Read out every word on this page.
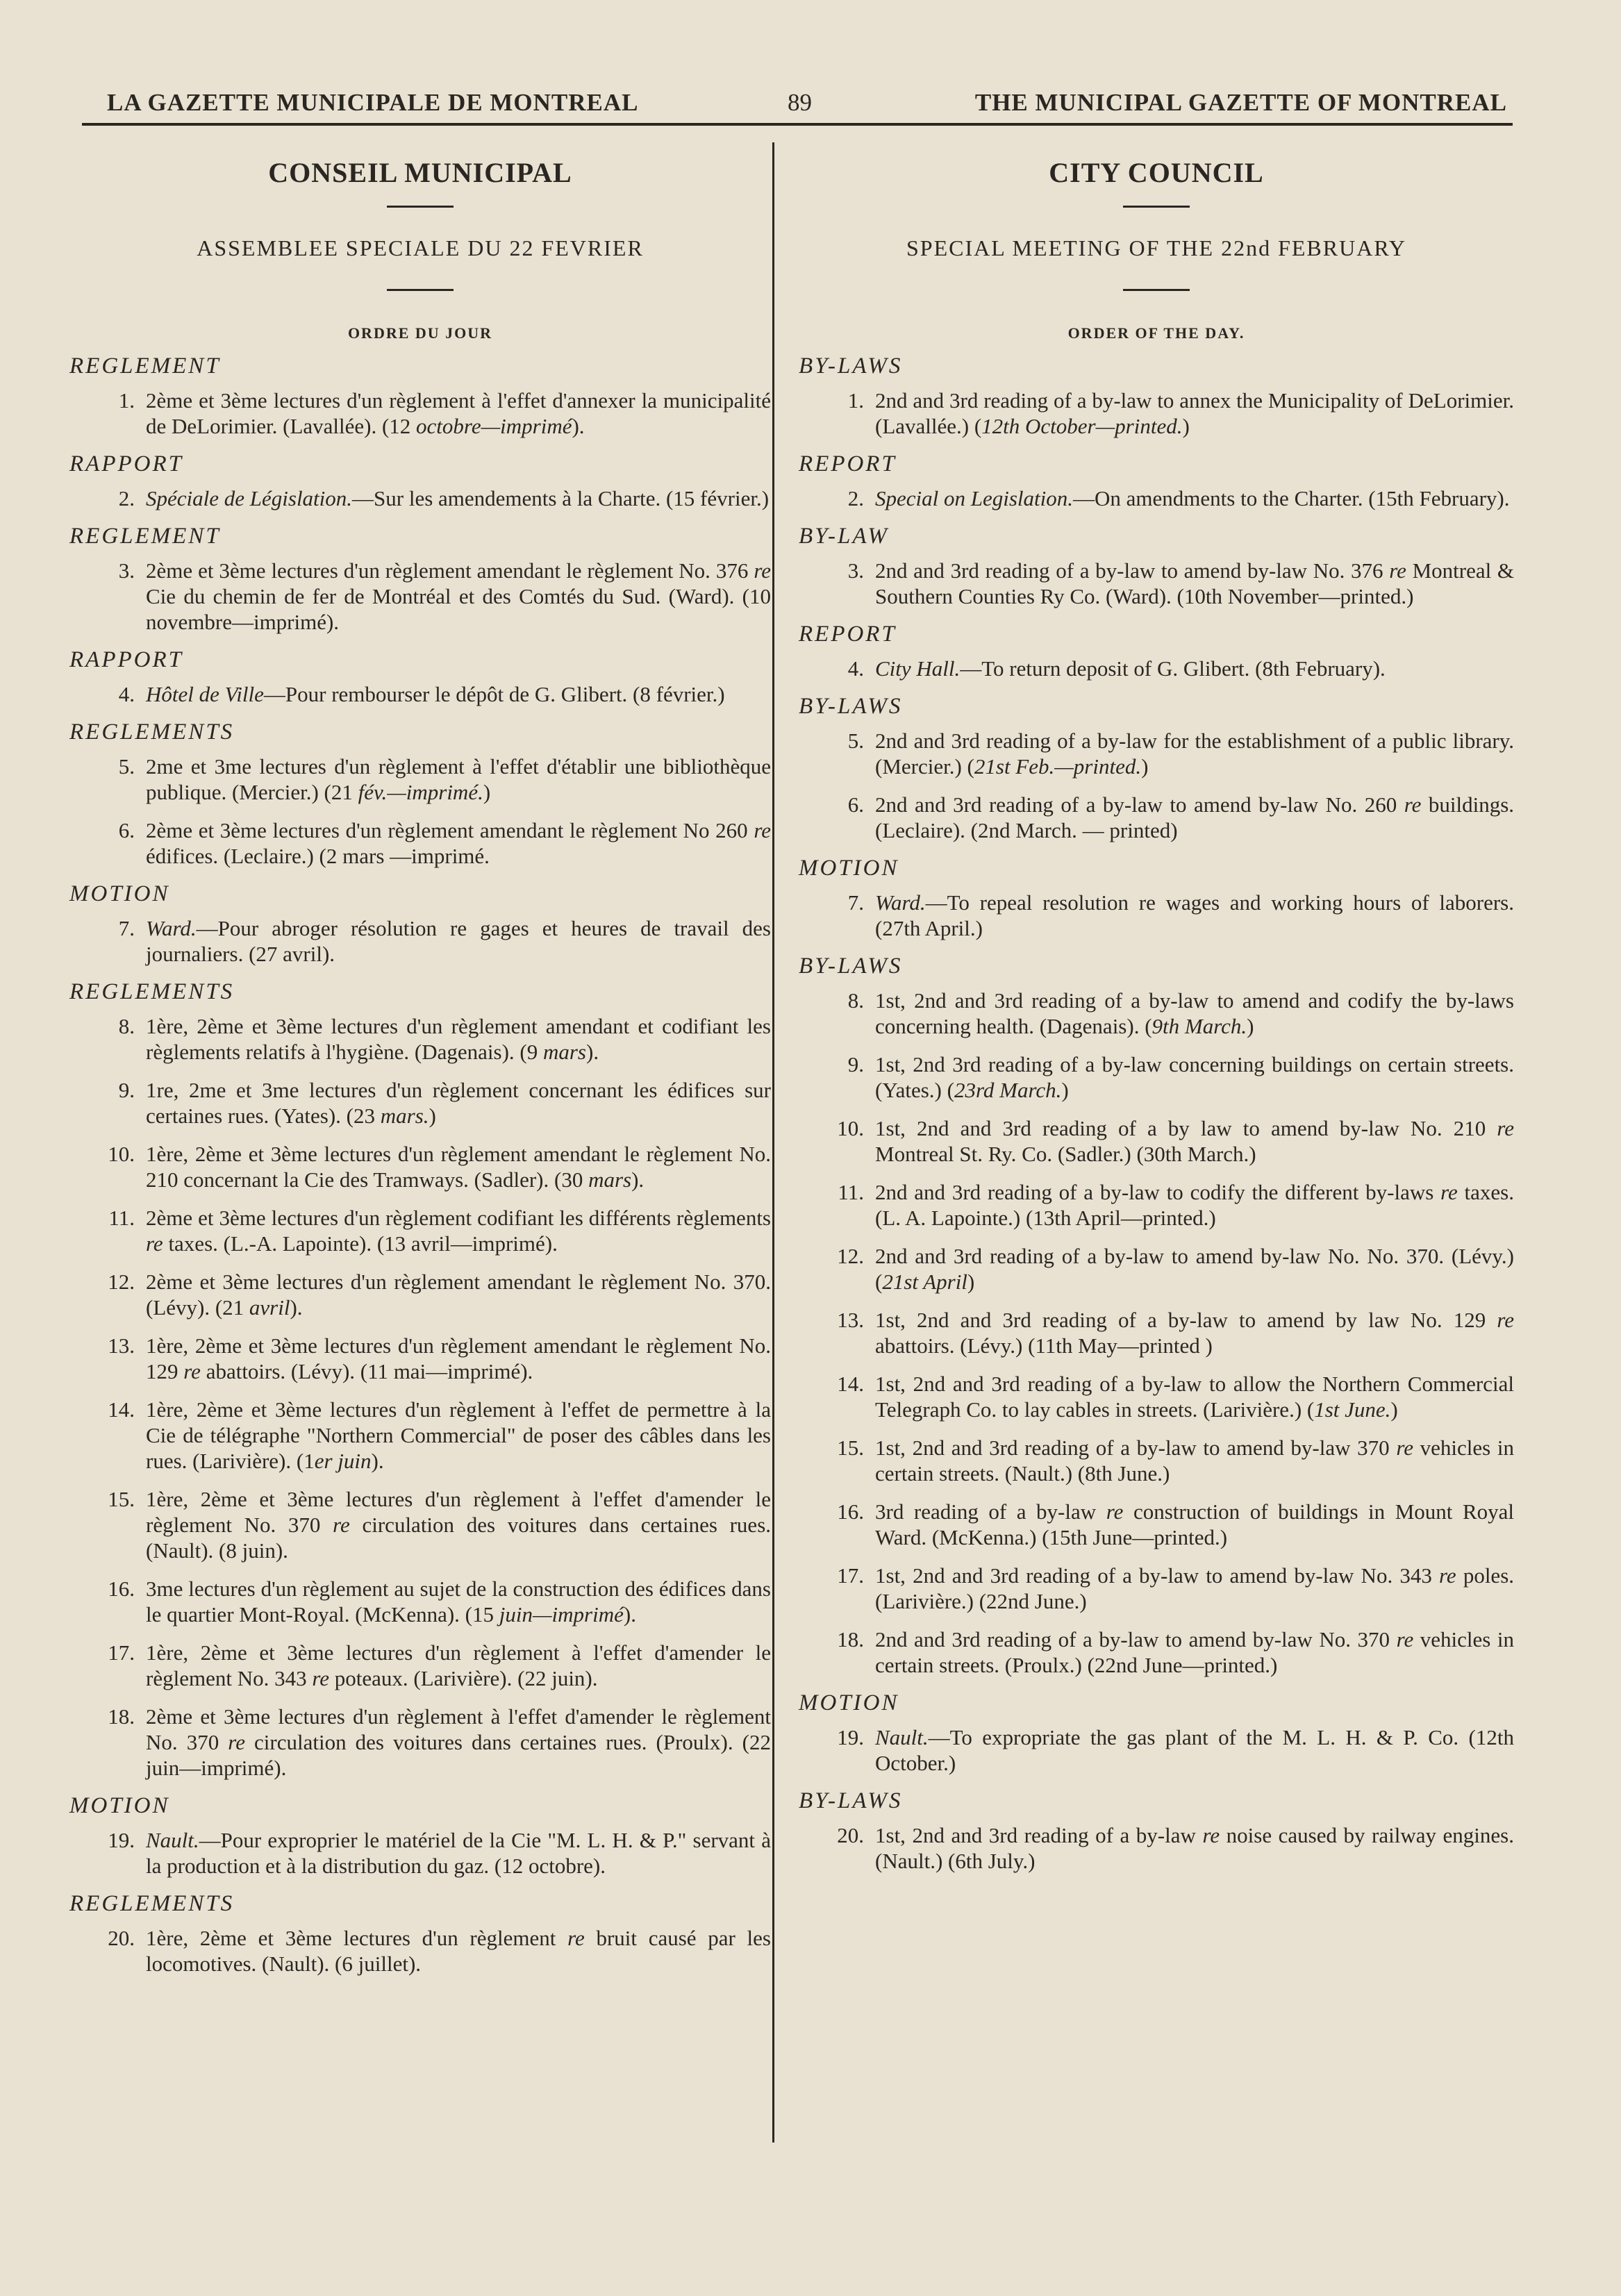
LA GAZETTE MUNICIPALE DE MONTREAL	89	THE MUNICIPAL GAZETTE OF MONTREAL
CONSEIL MUNICIPAL
ASSEMBLEE SPECIALE DU 22 FEVRIER
ORDRE DU JOUR
REGLEMENT
1. 2ème et 3ème lectures d'un règlement à l'effet d'annexer la municipalité de DeLorimier. (Lavallée). (12 octobre—imprimé).
RAPPORT
2. Spéciale de Législation.—Sur les amendements à la Charte. (15 février.)
REGLEMENT
3. 2ème et 3ème lectures d'un règlement amendant le règlement No. 376 re Cie du chemin de fer de Montréal et des Comtés du Sud. (Ward). (10 novembre—imprimé).
RAPPORT
4. Hôtel de Ville—Pour rembourser le dépôt de G. Glibert. (8 février.)
REGLEMENTS
5. 2me et 3me lectures d'un règlement à l'effet d'établir une bibliothèque publique. (Mercier.) (21 fév.—imprimé.)
6. 2ème et 3ème lectures d'un règlement amendant le règlement No 260 re édifices. (Leclaire.) (2 mars —imprimé.
MOTION
7. Ward.—Pour abroger résolution re gages et heures de travail des journaliers. (27 avril).
REGLEMENTS
8. 1ère, 2ème et 3ème lectures d'un règlement amendant et codifiant les règlements relatifs à l'hygiène. (Dagenais). (9 mars).
9. 1re, 2me et 3me lectures d'un règlement concernant les édifices sur certaines rues. (Yates). (23 mars.)
10. 1ère, 2ème et 3ème lectures d'un règlement amendant le règlement No. 210 concernant la Cie des Tramways. (Sadler). (30 mars).
11. 2ème et 3ème lectures d'un règlement codifiant les différents règlements re taxes. (L.-A. Lapointe). (13 avril—imprimé).
12. 2ème et 3ème lectures d'un règlement amendant le règlement No. 370. (Lévy). (21 avril).
13. 1ère, 2ème et 3ème lectures d'un règlement amendant le règlement No. 129 re abattoirs. (Lévy). (11 mai—imprimé).
14. 1ère, 2ème et 3ème lectures d'un règlement à l'effet de permettre à la Cie de télégraphe "Northern Commercial" de poser des câbles dans les rues. (Larivière). (1er juin).
15. 1ère, 2ème et 3ème lectures d'un règlement à l'effet d'amender le règlement No. 370 re circulation des voitures dans certaines rues. (Nault). (8 juin).
16. 3me lectures d'un règlement au sujet de la construction des édifices dans le quartier Mont-Royal. (McKenna). (15 juin—imprimé).
17. 1ère, 2ème et 3ème lectures d'un règlement à l'effet d'amender le règlement No. 343 re poteaux. (Larivière). (22 juin).
18. 2ème et 3ème lectures d'un règlement à l'effet d'amender le règlement No. 370 re circulation des voitures dans certaines rues. (Proulx). (22 juin—imprimé).
MOTION
19. Nault.—Pour exproprier le matériel de la Cie "M. L. H. & P." servant à la production et à la distribution du gaz. (12 octobre).
REGLEMENTS
20. 1ère, 2ème et 3ème lectures d'un règlement re bruit causé par les locomotives. (Nault). (6 juillet).
CITY COUNCIL
SPECIAL MEETING OF THE 22nd FEBRUARY
ORDER OF THE DAY.
BY-LAWS
1. 2nd and 3rd reading of a by-law to annex the Municipality of DeLorimier. (Lavallée.) (12th October—printed.)
REPORT
2. Special on Legislation.—On amendments to the Charter. (15th February).
BY-LAW
3. 2nd and 3rd reading of a by-law to amend by-law No. 376 re Montreal & Southern Counties Ry Co. (Ward). (10th November—printed.)
REPORT
4. City Hall.—To return deposit of G. Glibert. (8th February).
BY-LAWS
5. 2nd and 3rd reading of a by-law for the establishment of a public library. (Mercier.) (21st Feb.—printed.)
6. 2nd and 3rd reading of a by-law to amend by-law No. 260 re buildings. (Leclaire). (2nd March. — printed)
MOTION
7. Ward.—To repeal resolution re wages and working hours of laborers. (27th April.)
BY-LAWS
8. 1st, 2nd and 3rd reading of a by-law to amend and codify the by-laws concerning health. (Dagenais). (9th March.)
9. 1st, 2nd 3rd reading of a by-law concerning buildings on certain streets. (Yates.) (23rd March.)
10. 1st, 2nd and 3rd reading of a by law to amend by-law No. 210 re Montreal St. Ry. Co. (Sadler.) (30th March.)
11. 2nd and 3rd reading of a by-law to codify the different by-laws re taxes. (L. A. Lapointe.) (13th April—printed.)
12. 2nd and 3rd reading of a by-law to amend by-law No. No. 370. (Lévy.) (21st April)
13. 1st, 2nd and 3rd reading of a by-law to amend by law No. 129 re abattoirs. (Lévy.) (11th May—printed )
14. 1st, 2nd and 3rd reading of a by-law to allow the Northern Commercial Telegraph Co. to lay cables in streets. (Larivière.) (1st June.)
15. 1st, 2nd and 3rd reading of a by-law to amend by-law 370 re vehicles in certain streets. (Nault.) (8th June.)
16. 3rd reading of a by-law re construction of buildings in Mount Royal Ward. (McKenna.) (15th June—printed.)
17. 1st, 2nd and 3rd reading of a by-law to amend by-law No. 343 re poles. (Larivière.) (22nd June.)
18. 2nd and 3rd reading of a by-law to amend by-law No. 370 re vehicles in certain streets. (Proulx.) (22nd June—printed.)
MOTION
19. Nault.—To expropriate the gas plant of the M. L. H. & P. Co. (12th October.)
BY-LAWS
20. 1st, 2nd and 3rd reading of a by-law re noise caused by railway engines. (Nault.) (6th July.)
